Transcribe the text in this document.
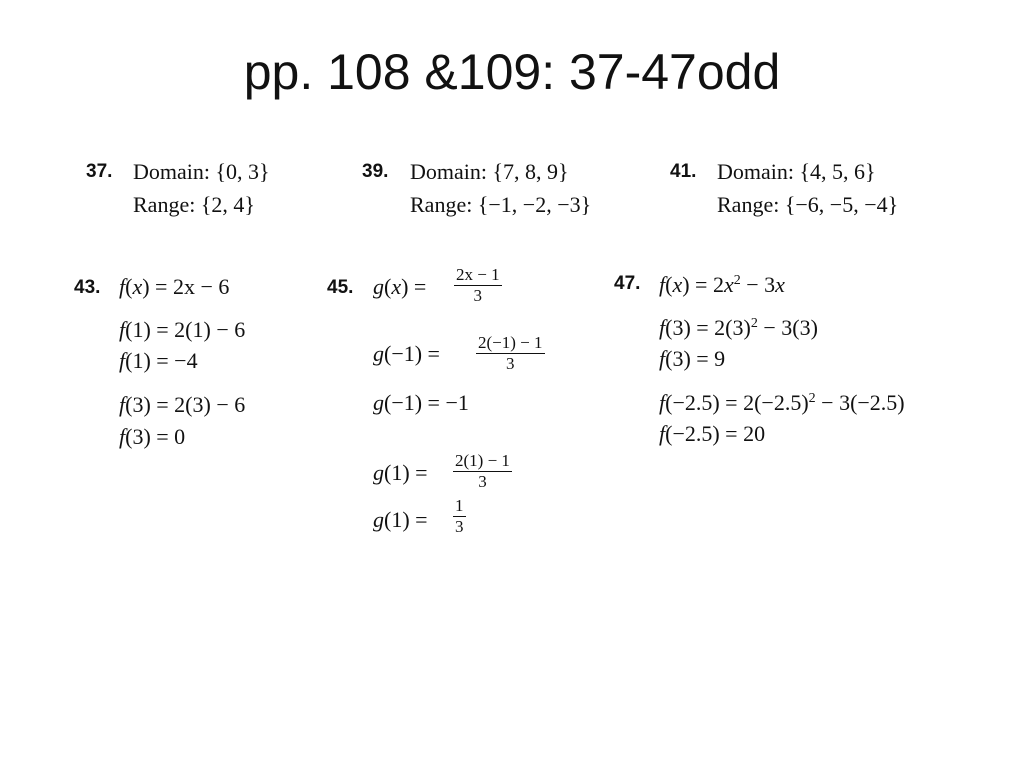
pp. 108 &109: 37-47odd
37. Domain: {0, 3}
Range: {2, 4}
39. Domain: {7, 8, 9}
Range: {−1, −2, −3}
41. Domain: {4, 5, 6}
Range: {−6, −5, −4}
43. f(x) = 2x − 6
f(1) = 2(1) − 6
f(1) = −4
f(3) = 2(3) − 6
f(3) = 0
45. $g(x) = \frac{2x - 1}{3}$
$g(-1) = \frac{2(-1) - 1}{3}$
g(−1) = −1
$g(1) = \frac{2(1) - 1}{3}$
$g(1) = \frac{1}{3}$
47. $f(x) = 2x^2 - 3x$
$f(3) = 2(3)^2 - 3(3)$
f(3) = 9
$f(-2.5) = 2(-2.5)^2 - 3(-2.5)$
f(−2.5) = 20
